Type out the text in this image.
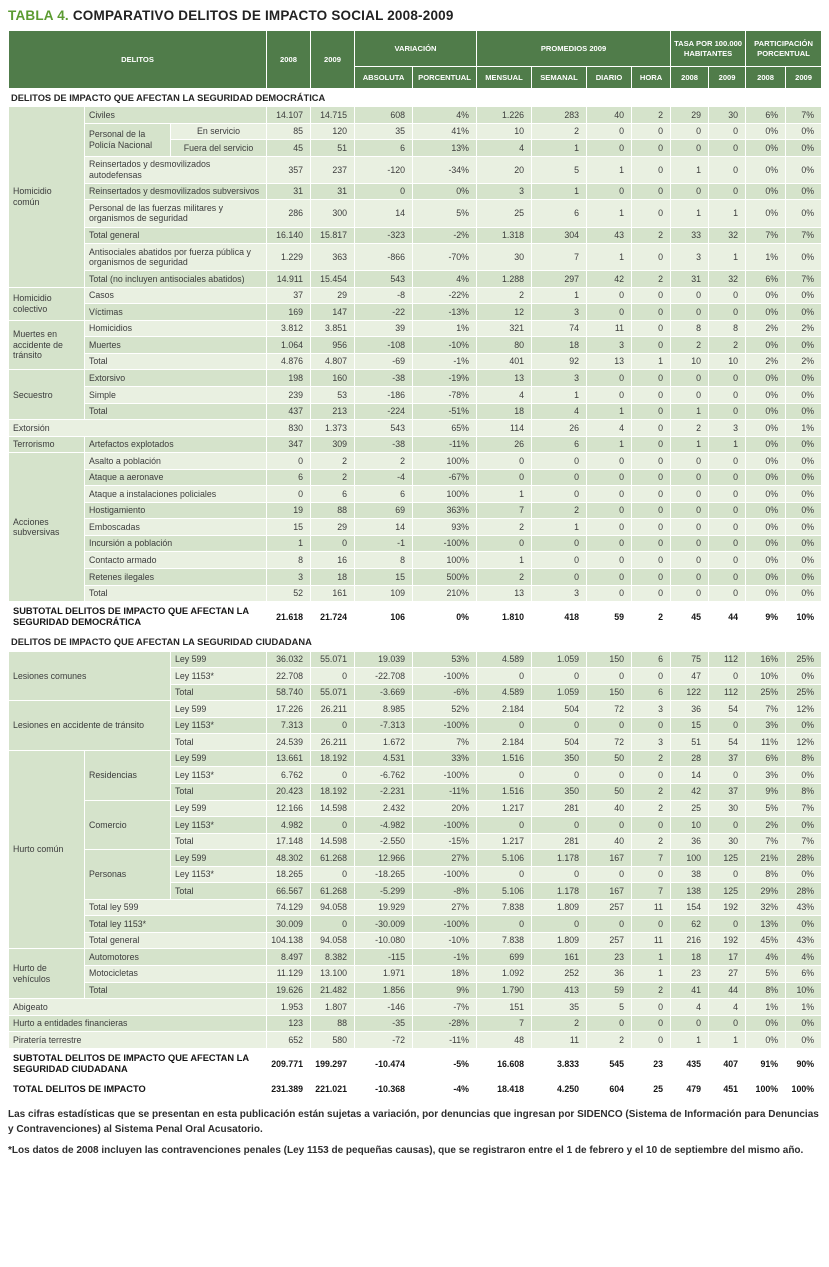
TABLA 4. COMPARATIVO DELITOS DE IMPACTO SOCIAL 2008-2009
DELITOS			2008	2009	VARIACIÓN		PROMEDIOS 2009				TASA POR 100.000 HABITANTES		PARTICIPACIÓN PORCENTUAL	
					ABSOLUTA	PORCENTUAL	MENSUAL	SEMANAL	DIARIO	HORA	2008	2009	2008	2009
DELITOS DE IMPACTO QUE AFECTAN LA SEGURIDAD DEMOCRÁTICA														
Homicidio común	Civiles		14.107	14.715	608	4%	1.226	283	40	2	29	30	6%	7%
	Personal de la Policía Nacional	En servicio	85	120	35	41%	10	2	0	0	0	0	0%	0%
		Fuera del servicio	45	51	6	13%	4	1	0	0	0	0	0%	0%
	Reinsertados y desmovilizados autodefensas		357	237	-120	-34%	20	5	1	0	1	0	0%	0%
	Reinsertados y desmovilizados subversivos		31	31	0	0%	3	1	0	0	0	0	0%	0%
	Personal de las fuerzas militares y organismos de seguridad		286	300	14	5%	25	6	1	0	1	1	0%	0%
	Total general		16.140	15.817	-323	-2%	1.318	304	43	2	33	32	7%	7%
	Antisociales abatidos por fuerza pública y organismos de seguridad		1.229	363	-866	-70%	30	7	1	0	3	1	1%	0%
	Total (no incluyen antisociales abatidos)		14.911	15.454	543	4%	1.288	297	42	2	31	32	6%	7%
Homicidio colectivo	Casos		37	29	-8	-22%	2	1	0	0	0	0	0%	0%
	Víctimas		169	147	-22	-13%	12	3	0	0	0	0	0%	0%
Muertes en accidente de tránsito	Homicidios		3.812	3.851	39	1%	321	74	11	0	8	8	2%	2%
	Muertes		1.064	956	-108	-10%	80	18	3	0	2	2	0%	0%
	Total		4.876	4.807	-69	-1%	401	92	13	1	10	10	2%	2%
Secuestro	Extorsivo		198	160	-38	-19%	13	3	0	0	0	0	0%	0%
	Simple		239	53	-186	-78%	4	1	0	0	0	0	0%	0%
	Total		437	213	-224	-51%	18	4	1	0	1	0	0%	0%
Extorsión			830	1.373	543	65%	114	26	4	0	2	3	0%	1%
Terrorismo	Artefactos explotados		347	309	-38	-11%	26	6	1	0	1	1	0%	0%
Acciones subversivas	Asalto a población		0	2	2	100%	0	0	0	0	0	0	0%	0%
	Ataque a aeronave		6	2	-4	-67%	0	0	0	0	0	0	0%	0%
	Ataque a instalaciones policiales		0	6	6	100%	1	0	0	0	0	0	0%	0%
	Hostigamiento		19	88	69	363%	7	2	0	0	0	0	0%	0%
	Emboscadas		15	29	14	93%	2	1	0	0	0	0	0%	0%
	Incursión a población		1	0	-1	-100%	0	0	0	0	0	0	0%	0%
	Contacto armado		8	16	8	100%	1	0	0	0	0	0	0%	0%
	Retenes ilegales		3	18	15	500%	2	0	0	0	0	0	0%	0%
	Total		52	161	109	210%	13	3	0	0	0	0	0%	0%
SUBTOTAL DELITOS DE IMPACTO QUE AFECTAN LA SEGURIDAD DEMOCRÁTICA			21.618	21.724	106	0%	1.810	418	59	2	45	44	9%	10%
DELITOS DE IMPACTO QUE AFECTAN LA SEGURIDAD CIUDADANA														
Lesiones comunes		Ley 599	36.032	55.071	19.039	53%	4.589	1.059	150	6	75	112	16%	25%
		Ley 1153*	22.708	0	-22.708	-100%	0	0	0	0	47	0	10%	0%
		Total	58.740	55.071	-3.669	-6%	4.589	1.059	150	6	122	112	25%	25%
Lesiones en accidente de tránsito		Ley 599	17.226	26.211	8.985	52%	2.184	504	72	3	36	54	7%	12%
		Ley 1153*	7.313	0	-7.313	-100%	0	0	0	0	15	0	3%	0%
		Total	24.539	26.211	1.672	7%	2.184	504	72	3	51	54	11%	12%
Hurto común	Residencias	Ley 599	13.661	18.192	4.531	33%	1.516	350	50	2	28	37	6%	8%
		Ley 1153*	6.762	0	-6.762	-100%	0	0	0	0	14	0	3%	0%
		Total	20.423	18.192	-2.231	-11%	1.516	350	50	2	42	37	9%	8%
	Comercio	Ley 599	12.166	14.598	2.432	20%	1.217	281	40	2	25	30	5%	7%
		Ley 1153*	4.982	0	-4.982	-100%	0	0	0	0	10	0	2%	0%
		Total	17.148	14.598	-2.550	-15%	1.217	281	40	2	36	30	7%	7%
	Personas	Ley 599	48.302	61.268	12.966	27%	5.106	1.178	167	7	100	125	21%	28%
		Ley 1153*	18.265	0	-18.265	-100%	0	0	0	0	38	0	8%	0%
		Total	66.567	61.268	-5.299	-8%	5.106	1.178	167	7	138	125	29%	28%
	Total ley 599		74.129	94.058	19.929	27%	7.838	1.809	257	11	154	192	32%	43%
	Total ley 1153*		30.009	0	-30.009	-100%	0	0	0	0	62	0	13%	0%
	Total general		104.138	94.058	-10.080	-10%	7.838	1.809	257	11	216	192	45%	43%
Hurto de vehículos	Automotores		8.497	8.382	-115	-1%	699	161	23	1	18	17	4%	4%
	Motocicletas		11.129	13.100	1.971	18%	1.092	252	36	1	23	27	5%	6%
	Total		19.626	21.482	1.856	9%	1.790	413	59	2	41	44	8%	10%
Abigeato			1.953	1.807	-146	-7%	151	35	5	0	4	4	1%	1%
Hurto a entidades financieras			123	88	-35	-28%	7	2	0	0	0	0	0%	0%
Piratería terrestre			652	580	-72	-11%	48	11	2	0	1	1	0%	0%
SUBTOTAL DELITOS DE IMPACTO QUE AFECTAN LA SEGURIDAD CIUDADANA			209.771	199.297	-10.474	-5%	16.608	3.833	545	23	435	407	91%	90%
TOTAL DELITOS DE IMPACTO			231.389	221.021	-10.368	-4%	18.418	4.250	604	25	479	451	100%	100%

Las cifras estadísticas que se presentan en esta publicación están sujetas a variación, por denuncias que ingresan por SIDENCO (Sistema de Información para Denuncias y Contravenciones) al Sistema Penal Oral Acusatorio.

*Los datos de 2008 incluyen las contravenciones penales (Ley 1153 de pequeñas causas), que se registraron entre el 1 de febrero y el 10 de septiembre del mismo año.
